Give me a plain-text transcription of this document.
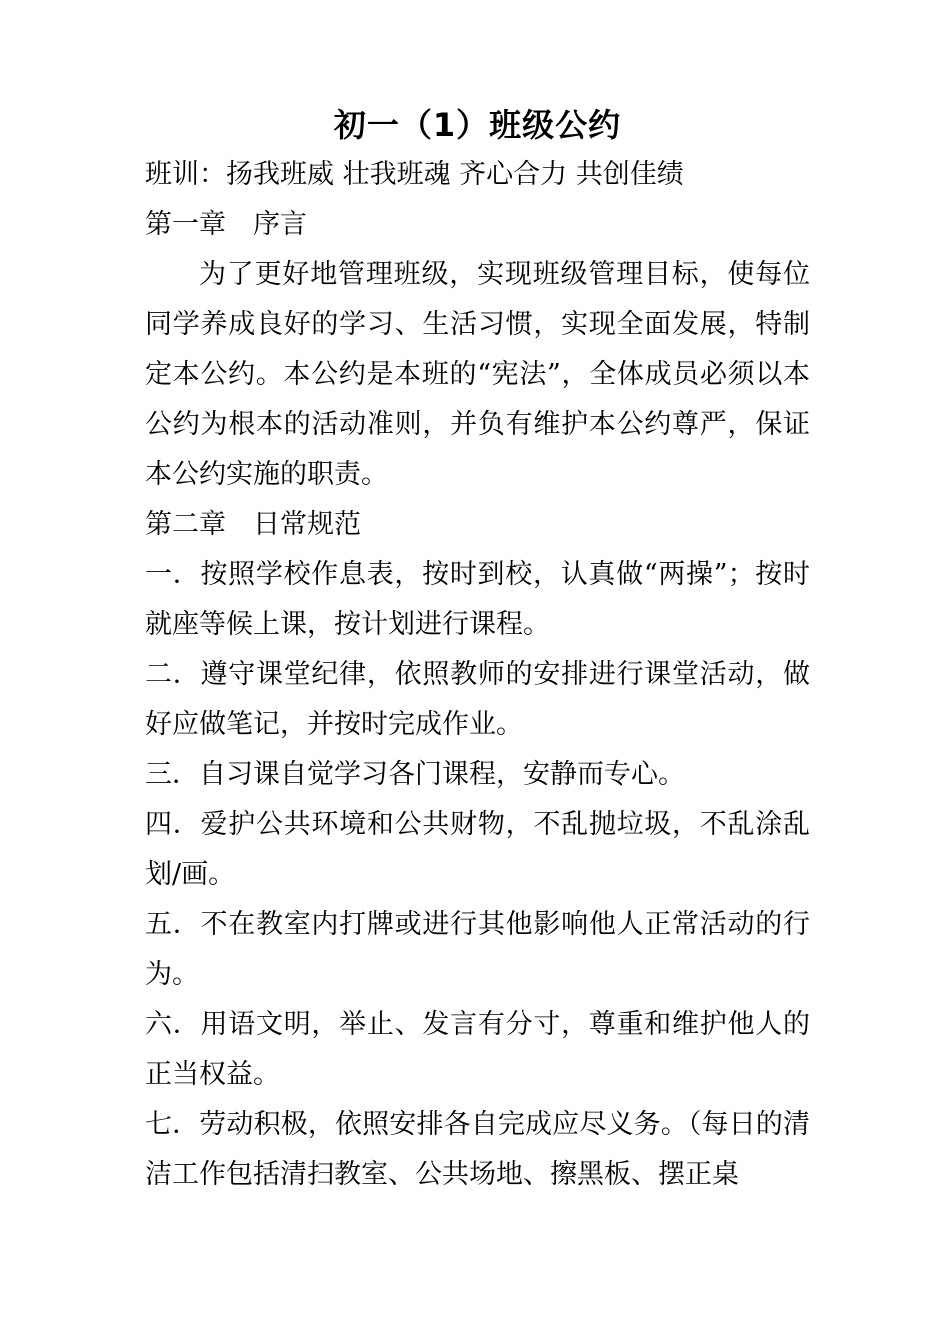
初一（1）班级公约

班训：扬我班威 壮我班魂 齐心合力 共创佳绩

第一章 序言

为了更好地管理班级，实现班级管理目标，使每位同学养成良好的学习、生活习惯，实现全面发展，特制定本公约。本公约是本班的“宪法”，全体成员必须以本公约为根本的活动准则，并负有维护本公约尊严，保证本公约实施的职责。

第二章 日常规范

一．按照学校作息表，按时到校，认真做“两操”；按时就座等候上课，按计划进行课程。

二．遵守课堂纪律，依照教师的安排进行课堂活动，做好应做笔记，并按时完成作业。

三．自习课自觉学习各门课程，安静而专心。

四．爱护公共环境和公共财物，不乱抛垃圾，不乱涂乱划/画。

五．不在教室内打牌或进行其他影响他人正常活动的行为。

六．用语文明，举止、发言有分寸，尊重和维护他人的正当权益。

七．劳动积极，依照安排各自完成应尽义务。（每日的清洁工作包括清扫教室、公共场地、擦黑板、摆正桌
